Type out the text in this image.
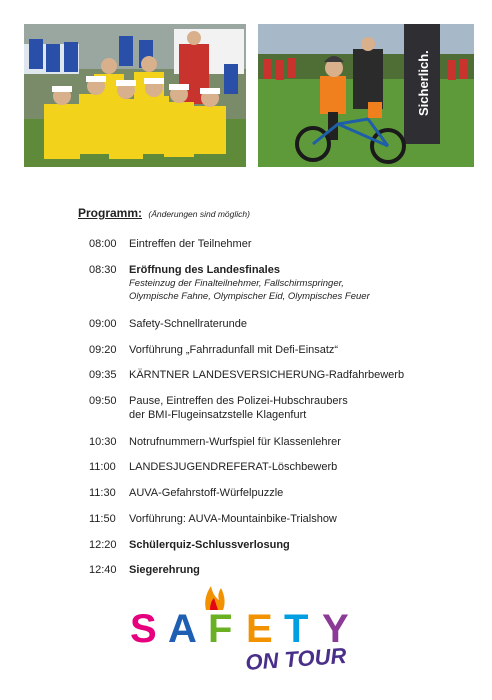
Sicherlich.
Programm: (Änderungen sind möglich)
08:00	Eintreffen der Teilnehmer
08:30	Eröffnung des Landesfinales
Festeinzug der Finalteilnehmer, Fallschirmspringer,
Olympische Fahne, Olympischer Eid, Olympisches Feuer
09:00	Safety-Schnellraterunde
09:20	Vorführung „Fahrradunfall mit Defi-Einsatz“
09:35	KÄRNTNER LANDESVERSICHERUNG-Radfahrbewerb
09:50	Pause, Eintreffen des Polizei-Hubschraubers
der BMI-Flugeinsatzstelle Klagenfurt
10:30	Notrufnummern-Wurfspiel für Klassenlehrer
11:00	LANDESJUGENDREFERAT-Löschbewerb
11:30	AUVA-Gefahrstoff-Würfelpuzzle
11:50	Vorführung: AUVA-Mountainbike-Trialshow
12:20	Schülerquiz-Schlussverlosung
12:40	Siegerehrung
S A F E T Y
ON TOUR
